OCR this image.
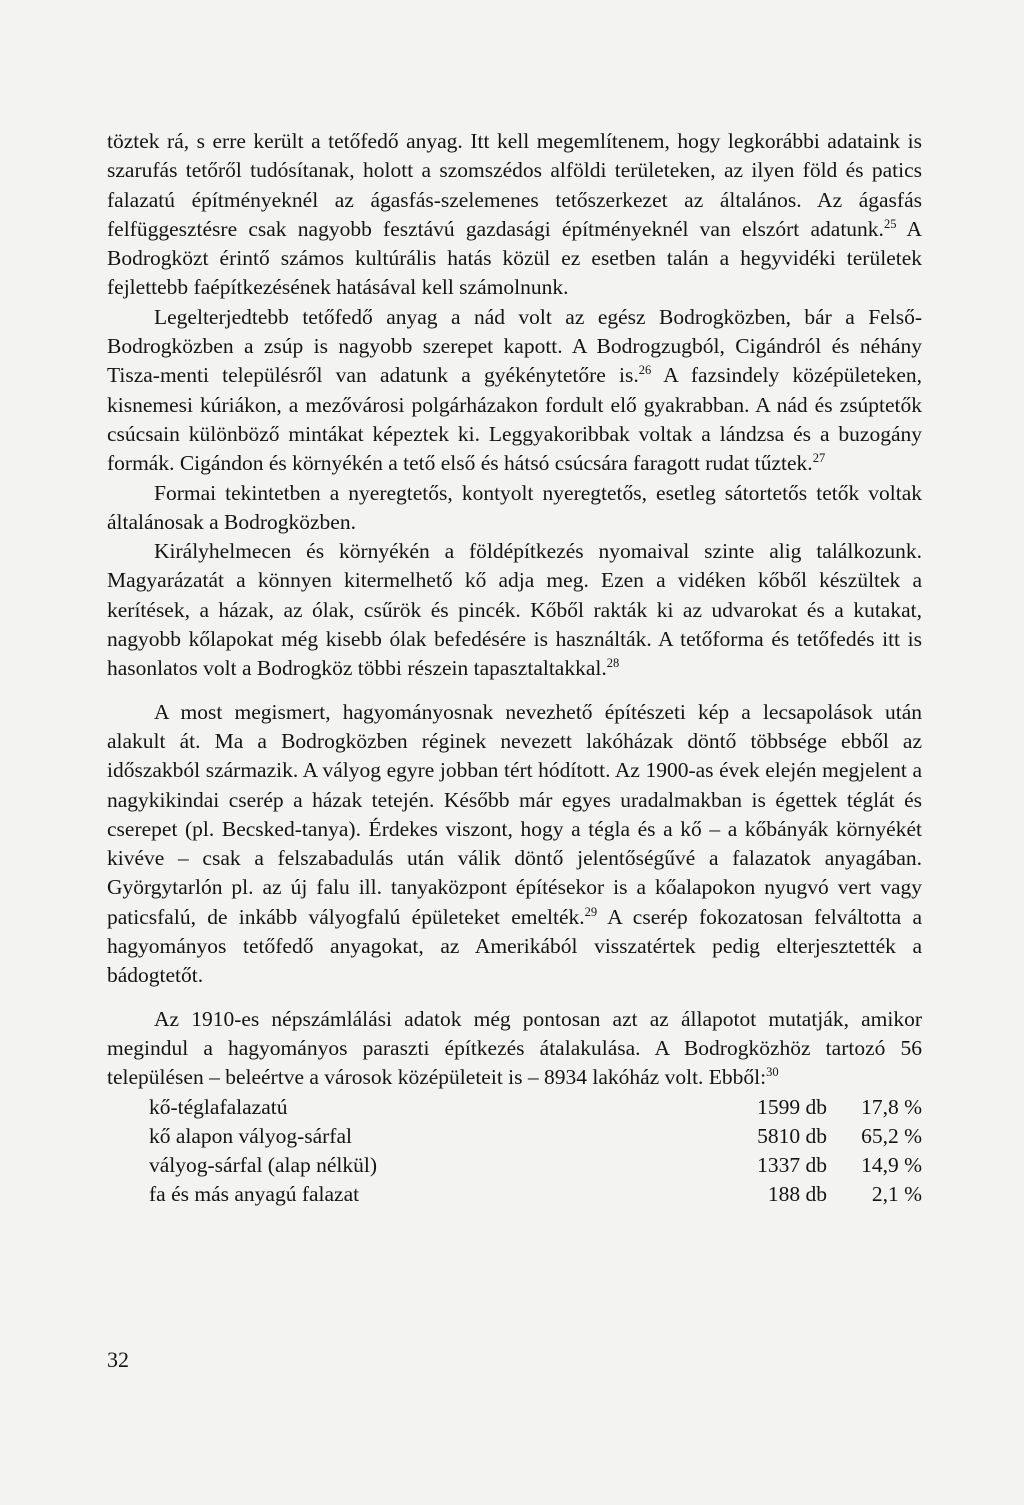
töztek rá, s erre került a tetőfedő anyag. Itt kell megemlítenem, hogy legkorábbi adataink is szarufás tetőről tudósítanak, holott a szomszédos alföldi területeken, az ilyen föld és patics falazatú építményeknél az ágasfás-szelemenes tetőszerkezet az általános. Az ágasfás felfüggesztésre csak nagyobb fesztávú gazdasági építményeknél van elszórt adatunk.$^{25}$ A Bodrogközt érintő számos kultúrális hatás közül ez esetben talán a hegyvidéki területek fejlettebb faépítkezésének hatásával kell számolnunk.

Legelterjedtebb tetőfedő anyag a nád volt az egész Bodrogközben, bár a Felső-Bodrogközben a zsúp is nagyobb szerepet kapott. A Bodrogzugból, Cigándról és néhány Tisza-menti településről van adatunk a gyékénytetőre is.$^{26}$ A fazsindely középületeken, kisnemesi kúriákon, a mezővárosi polgárházakon fordult elő gyakrabban. A nád és zsúptetők csúcsain különböző mintákat képeztek ki. Leggyakoribbak voltak a lándzsa és a buzogány formák. Cigándon és környékén a tető első és hátsó csúcsára faragott rudat tűztek.$^{27}$

Formai tekintetben a nyeregtetős, kontyolt nyeregtetős, esetleg sátortetős tetők voltak általánosak a Bodrogközben.

Királyhelmecen és környékén a földépítkezés nyomaival szinte alig találkozunk. Magyarázatát a könnyen kitermelhető kő adja meg. Ezen a vidéken kőből készültek a kerítések, a házak, az ólak, csűrök és pincék. Kőből rakták ki az udvarokat és a kutakat, nagyobb kőlapokat még kisebb ólak befedésére is használták. A tetőforma és tetőfedés itt is hasonlatos volt a Bodrogköz többi részein tapasztaltakkal.$^{28}$

A most megismert, hagyományosnak nevezhető építészeti kép a lecsapolások után alakult át. Ma a Bodrogközben réginek nevezett lakóházak döntő többsége ebből az időszakból származik. A vályog egyre jobban tért hódított. Az 1900-as évek elején megjelent a nagykikindai cserép a házak tetején. Később már egyes uradalmakban is égettek téglát és cserepet (pl. Becsked-tanya). Érdekes viszont, hogy a tégla és a kő – a kőbányák környékét kivéve – csak a felszabadulás után válik döntő jelentőségűvé a falazatok anyagában. Györgytarlón pl. az új falu ill. tanyaközpont építésekor is a kőalapokon nyugvó vert vagy paticsfalú, de inkább vályogfalú épületeket emelték.$^{29}$ A cserép fokozatosan felváltotta a hagyományos tetőfedő anyagokat, az Amerikából visszatértek pedig elterjesztették a bádogtetőt.

Az 1910-es népszámlálási adatok még pontosan azt az állapotot mutatják, amikor megindul a hagyományos paraszti építkezés átalakulása. A Bodrogközhöz tartozó 56 településen – beleértve a városok középületeit is – 8934 lakóház volt. Ebből:$^{30}$

kő-téglafalazatú	1599 db	17,8 %
kő alapon vályog-sárfal	5810 db	65,2 %
vályog-sárfal (alap nélkül)	1337 db	14,9 %
fa és más anyagú falazat	188 db	2,1 %
32
